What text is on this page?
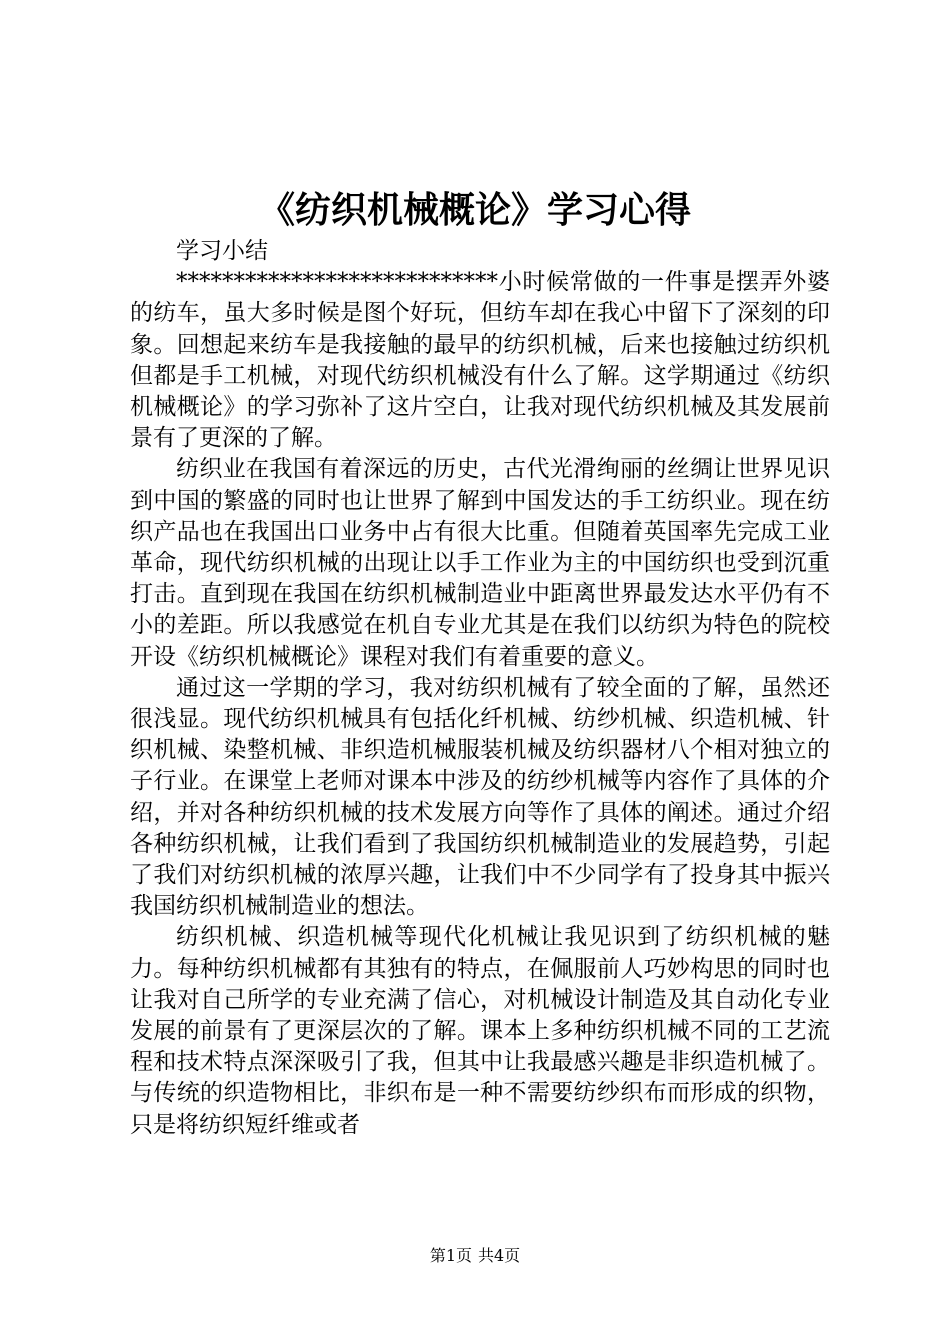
《纺织机械概论》学习心得

学习小结

****************************小时候常做的一件事是摆弄外婆的纺车，虽大多时候是图个好玩，但纺车却在我心中留下了深刻的印象。回想起来纺车是我接触的最早的纺织机械，后来也接触过纺织机但都是手工机械，对现代纺织机械没有什么了解。这学期通过《纺织机械概论》的学习弥补了这片空白，让我对现代纺织机械及其发展前景有了更深的了解。

纺织业在我国有着深远的历史，古代光滑绚丽的丝绸让世界见识到中国的繁盛的同时也让世界了解到中国发达的手工纺织业。现在纺织产品也在我国出口业务中占有很大比重。但随着英国率先完成工业革命，现代纺织机械的出现让以手工作业为主的中国纺织也受到沉重打击。直到现在我国在纺织机械制造业中距离世界最发达水平仍有不小的差距。所以我感觉在机自专业尤其是在我们以纺织为特色的院校开设《纺织机械概论》课程对我们有着重要的意义。

通过这一学期的学习，我对纺织机械有了较全面的了解，虽然还很浅显。现代纺织机械具有包括化纤机械、纺纱机械、织造机械、针织机械、染整机械、非织造机械服装机械及纺织器材八个相对独立的子行业。在课堂上老师对课本中涉及的纺纱机械等内容作了具体的介绍，并对各种纺织机械的技术发展方向等作了具体的阐述。通过介绍各种纺织机械，让我们看到了我国纺织机械制造业的发展趋势，引起了我们对纺织机械的浓厚兴趣，让我们中不少同学有了投身其中振兴我国纺织机械制造业的想法。

纺织机械、织造机械等现代化机械让我见识到了纺织机械的魅力。每种纺织机械都有其独有的特点，在佩服前人巧妙构思的同时也让我对自己所学的专业充满了信心，对机械设计制造及其自动化专业发展的前景有了更深层次的了解。课本上多种纺织机械不同的工艺流程和技术特点深深吸引了我，但其中让我最感兴趣是非织造机械了。与传统的织造物相比，非织布是一种不需要纺纱织布而形成的织物，只是将纺织短纤维或者

第1页 共4页
